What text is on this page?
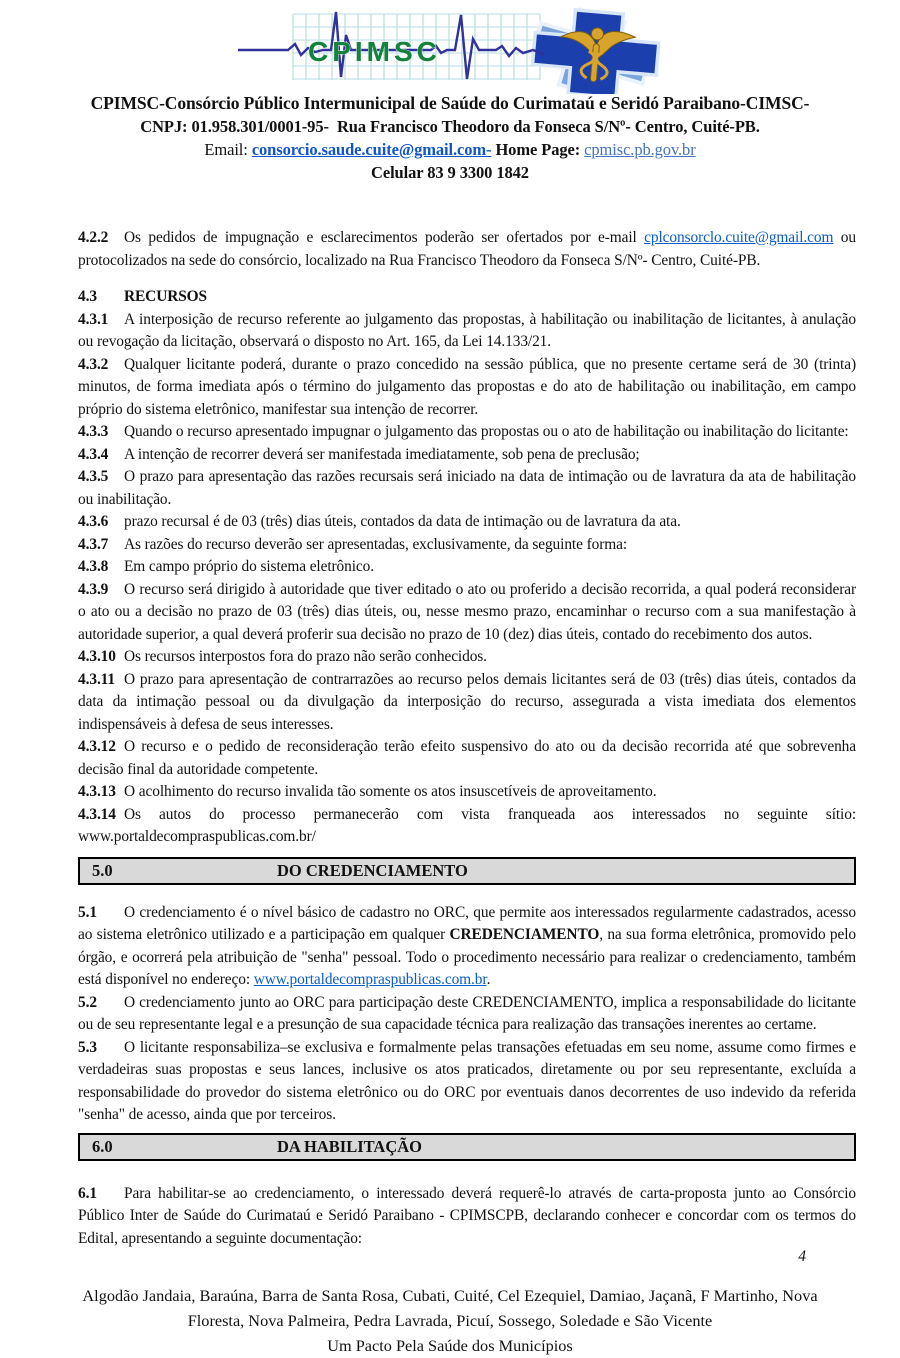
CPIMSC

CPIMSC-Consórcio Público Intermunicipal de Saúde do Curimataú e Seridó Paraibano-CIMSC-

CNPJ: 01.958.301/0001-95- Rua Francisco Theodoro da Fonseca S/Nº- Centro, Cuité-PB.

Email: consorcio.saude.cuite@gmail.com- Home Page: cpmisc.pb.gov.br

Celular 83 9 3300 1842

4.2.2 Os pedidos de impugnação e esclarecimentos poderão ser ofertados por e-mail cplconsorclo.cuite@gmail.com ou protocolizados na sede do consórcio, localizado na Rua Francisco Theodoro da Fonseca S/Nº- Centro, Cuité-PB.

4.3 RECURSOS

4.3.1 A interposição de recurso referente ao julgamento das propostas, à habilitação ou inabilitação de licitantes, à anulação ou revogação da licitação, observará o disposto no Art. 165, da Lei 14.133/21.

4.3.2 Qualquer licitante poderá, durante o prazo concedido na sessão pública, que no presente certame será de 30 (trinta) minutos, de forma imediata após o término do julgamento das propostas e do ato de habilitação ou inabilitação, em campo próprio do sistema eletrônico, manifestar sua intenção de recorrer.

4.3.3 Quando o recurso apresentado impugnar o julgamento das propostas ou o ato de habilitação ou inabilitação do licitante:

4.3.4 A intenção de recorrer deverá ser manifestada imediatamente, sob pena de preclusão;

4.3.5 O prazo para apresentação das razões recursais será iniciado na data de intimação ou de lavratura da ata de habilitação ou inabilitação.

4.3.6 prazo recursal é de 03 (três) dias úteis, contados da data de intimação ou de lavratura da ata.

4.3.7 As razões do recurso deverão ser apresentadas, exclusivamente, da seguinte forma:

4.3.8 Em campo próprio do sistema eletrônico.

4.3.9 O recurso será dirigido à autoridade que tiver editado o ato ou proferido a decisão recorrida, a qual poderá reconsiderar o ato ou a decisão no prazo de 03 (três) dias úteis, ou, nesse mesmo prazo, encaminhar o recurso com a sua manifestação à autoridade superior, a qual deverá proferir sua decisão no prazo de 10 (dez) dias úteis, contado do recebimento dos autos.

4.3.10 Os recursos interpostos fora do prazo não serão conhecidos.

4.3.11 O prazo para apresentação de contrarrazões ao recurso pelos demais licitantes será de 03 (três) dias úteis, contados da data da intimação pessoal ou da divulgação da interposição do recurso, assegurada a vista imediata dos elementos indispensáveis à defesa de seus interesses.

4.3.12 O recurso e o pedido de reconsideração terão efeito suspensivo do ato ou da decisão recorrida até que sobrevenha decisão final da autoridade competente.

4.3.13 O acolhimento do recurso invalida tão somente os atos insuscetíveis de aproveitamento.

4.3.14 Os autos do processo permanecerão com vista franqueada aos interessados no seguinte sítio:

www.portaldecompraspublicas.com.br/

5.0	DO CREDENCIAMENTO

5.1 O credenciamento é o nível básico de cadastro no ORC, que permite aos interessados regularmente cadastrados, acesso ao sistema eletrônico utilizado e a participação em qualquer CREDENCIAMENTO, na sua forma eletrônica, promovido pelo órgão, e ocorrerá pela atribuição de "senha" pessoal. Todo o procedimento necessário para realizar o credenciamento, também está disponível no endereço: www.portaldecompraspublicas.com.br.

5.2 O credenciamento junto ao ORC para participação deste CREDENCIAMENTO, implica a responsabilidade do licitante ou de seu representante legal e a presunção de sua capacidade técnica para realização das transações inerentes ao certame.

5.3 O licitante responsabiliza–se exclusiva e formalmente pelas transações efetuadas em seu nome, assume como firmes e verdadeiras suas propostas e seus lances, inclusive os atos praticados, diretamente ou por seu representante, excluída a responsabilidade do provedor do sistema eletrônico ou do ORC por eventuais danos decorrentes de uso indevido da referida "senha" de acesso, ainda que por terceiros.

6.0	DA HABILITAÇÃO

6.1 Para habilitar-se ao credenciamento, o interessado deverá requerê-lo através de carta-proposta junto ao Consórcio Público Inter de Saúde do Curimataú e Seridó Paraibano - CPIMSCPB, declarando conhecer e concordar com os termos do Edital, apresentando a seguinte documentação:

4

Algodão Jandaia, Baraúna, Barra de Santa Rosa, Cubati, Cuité, Cel Ezequiel, Damiao, Jaçanã, F Martinho, Nova

Floresta, Nova Palmeira, Pedra Lavrada, Picuí, Sossego, Soledade e São Vicente

Um Pacto Pela Saúde dos Municípios
